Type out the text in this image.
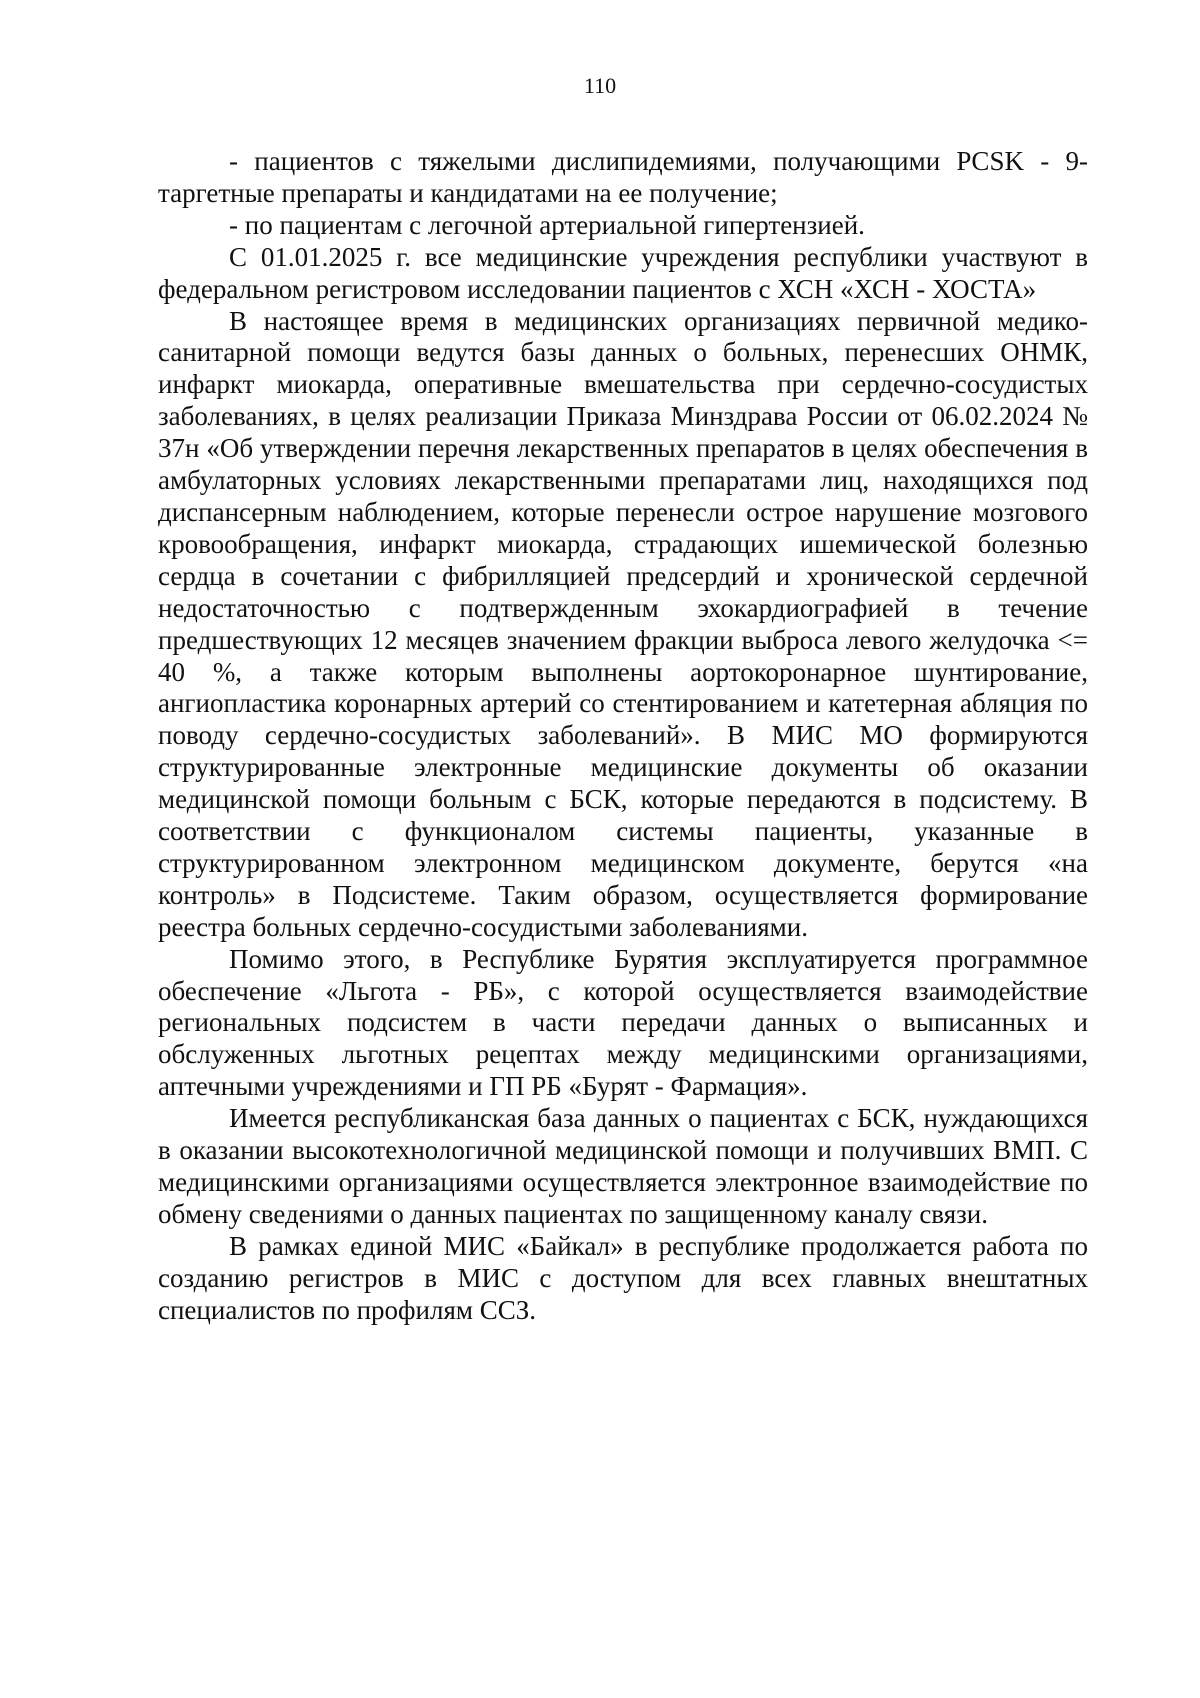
110

- пациентов с тяжелыми дислипидемиями, получающими PCSK - 9-таргетные препараты и кандидатами на ее получение;

- по пациентам с легочной артериальной гипертензией.

С 01.01.2025 г. все медицинские учреждения республики участвуют в федеральном регистровом исследовании пациентов с ХСН «ХСН - ХОСТА»

В настоящее время в медицинских организациях первичной медико-санитарной помощи ведутся базы данных о больных, перенесших ОНМК, инфаркт миокарда, оперативные вмешательства при сердечно-сосудистых заболеваниях, в целях реализации Приказа Минздрава России от 06.02.2024 № 37н «Об утверждении перечня лекарственных препаратов в целях обеспечения в амбулаторных условиях лекарственными препаратами лиц, находящихся под диспансерным наблюдением, которые перенесли острое нарушение мозгового кровообращения, инфаркт миокарда, страдающих ишемической болезнью сердца в сочетании с фибрилляцией предсердий и хронической сердечной недостаточностью с подтвержденным эхокардиографией в течение предшествующих 12 месяцев значением фракции выброса левого желудочка <= 40 %, а также которым выполнены аортокоронарное шунтирование, ангиопластика коронарных артерий со стентированием и катетерная абляция по поводу сердечно-сосудистых заболеваний». В МИС МО формируются структурированные электронные медицинские документы об оказании медицинской помощи больным с БСК, которые передаются в подсистему. В соответствии с функционалом системы пациенты, указанные в структурированном электронном медицинском документе, берутся «на контроль» в Подсистеме. Таким образом, осуществляется формирование реестра больных сердечно-сосудистыми заболеваниями.

Помимо этого, в Республике Бурятия эксплуатируется программное обеспечение «Льгота - РБ», с которой осуществляется взаимодействие региональных подсистем в части передачи данных о выписанных и обслуженных льготных рецептах между медицинскими организациями, аптечными учреждениями и ГП РБ «Бурят - Фармация».

Имеется республиканская база данных о пациентах с БСК, нуждающихся в оказании высокотехнологичной медицинской помощи и получивших ВМП. С медицинскими организациями осуществляется электронное взаимодействие по обмену сведениями о данных пациентах по защищенному каналу связи.

В рамках единой МИС «Байкал» в республике продолжается работа по созданию регистров в МИС с доступом для всех главных внештатных специалистов по профилям ССЗ.
